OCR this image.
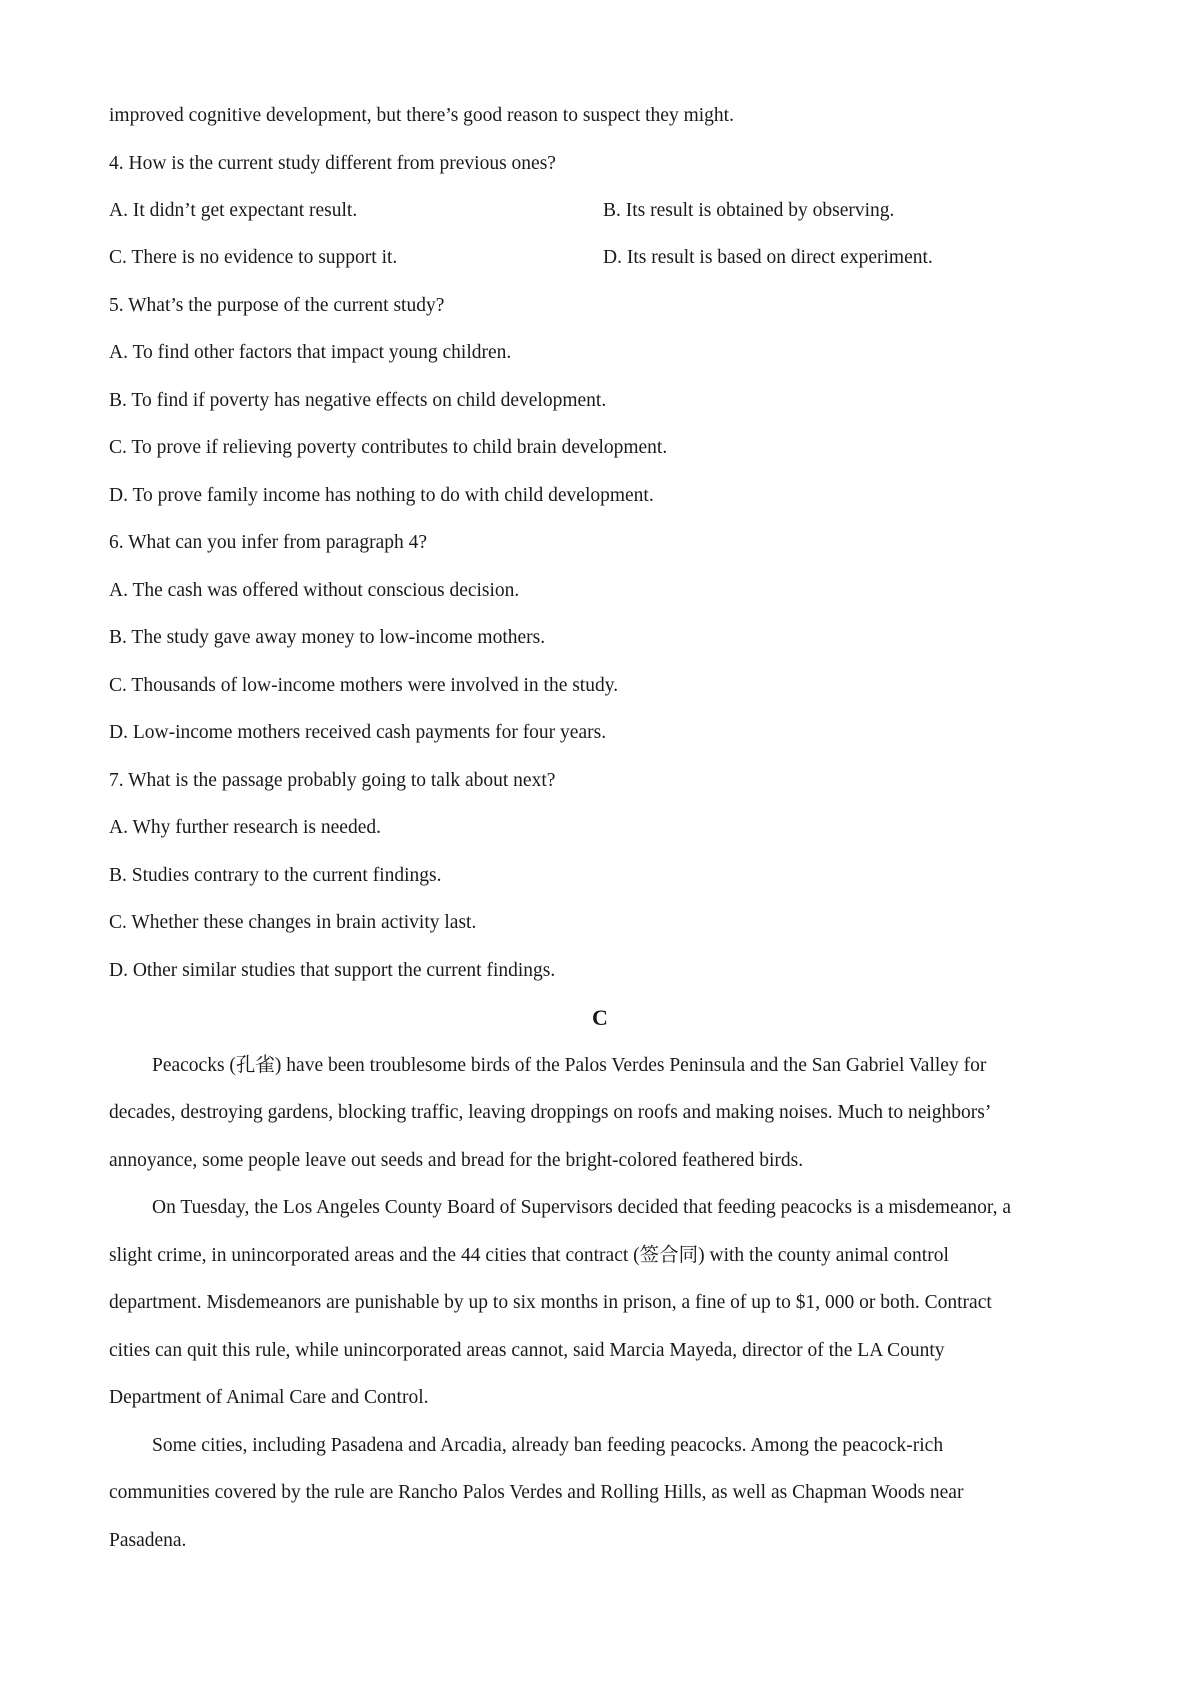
improved cognitive development, but there’s good reason to suspect they might.
4. How is the current study different from previous ones?
A. It didn’t get expectant result.	B. Its result is obtained by observing.
C. There is no evidence to support it.	D. Its result is based on direct experiment.
5. What’s the purpose of the current study?
A. To find other factors that impact young children.
B. To find if poverty has negative effects on child development.
C. To prove if relieving poverty contributes to child brain development.
D. To prove family income has nothing to do with child development.
6. What can you infer from paragraph 4?
A. The cash was offered without conscious decision.
B. The study gave away money to low-income mothers.
C. Thousands of low-income mothers were involved in the study.
D. Low-income mothers received cash payments for four years.
7. What is the passage probably going to talk about next?
A. Why further research is needed.
B. Studies contrary to the current findings.
C. Whether these changes in brain activity last.
D. Other similar studies that support the current findings.
C
Peacocks (孔雀) have been troublesome birds of the Palos Verdes Peninsula and the San Gabriel Valley for
decades, destroying gardens, blocking traffic, leaving droppings on roofs and making noises. Much to neighbors’
annoyance, some people leave out seeds and bread for the bright-colored feathered birds.
On Tuesday, the Los Angeles County Board of Supervisors decided that feeding peacocks is a misdemeanor, a
slight crime, in unincorporated areas and the 44 cities that contract (签合同) with the county animal control
department. Misdemeanors are punishable by up to six months in prison, a fine of up to $1, 000 or both. Contract
cities can quit this rule, while unincorporated areas cannot, said Marcia Mayeda, director of the LA County
Department of Animal Care and Control.
Some cities, including Pasadena and Arcadia, already ban feeding peacocks. Among the peacock-rich
communities covered by the rule are Rancho Palos Verdes and Rolling Hills, as well as Chapman Woods near
Pasadena.
